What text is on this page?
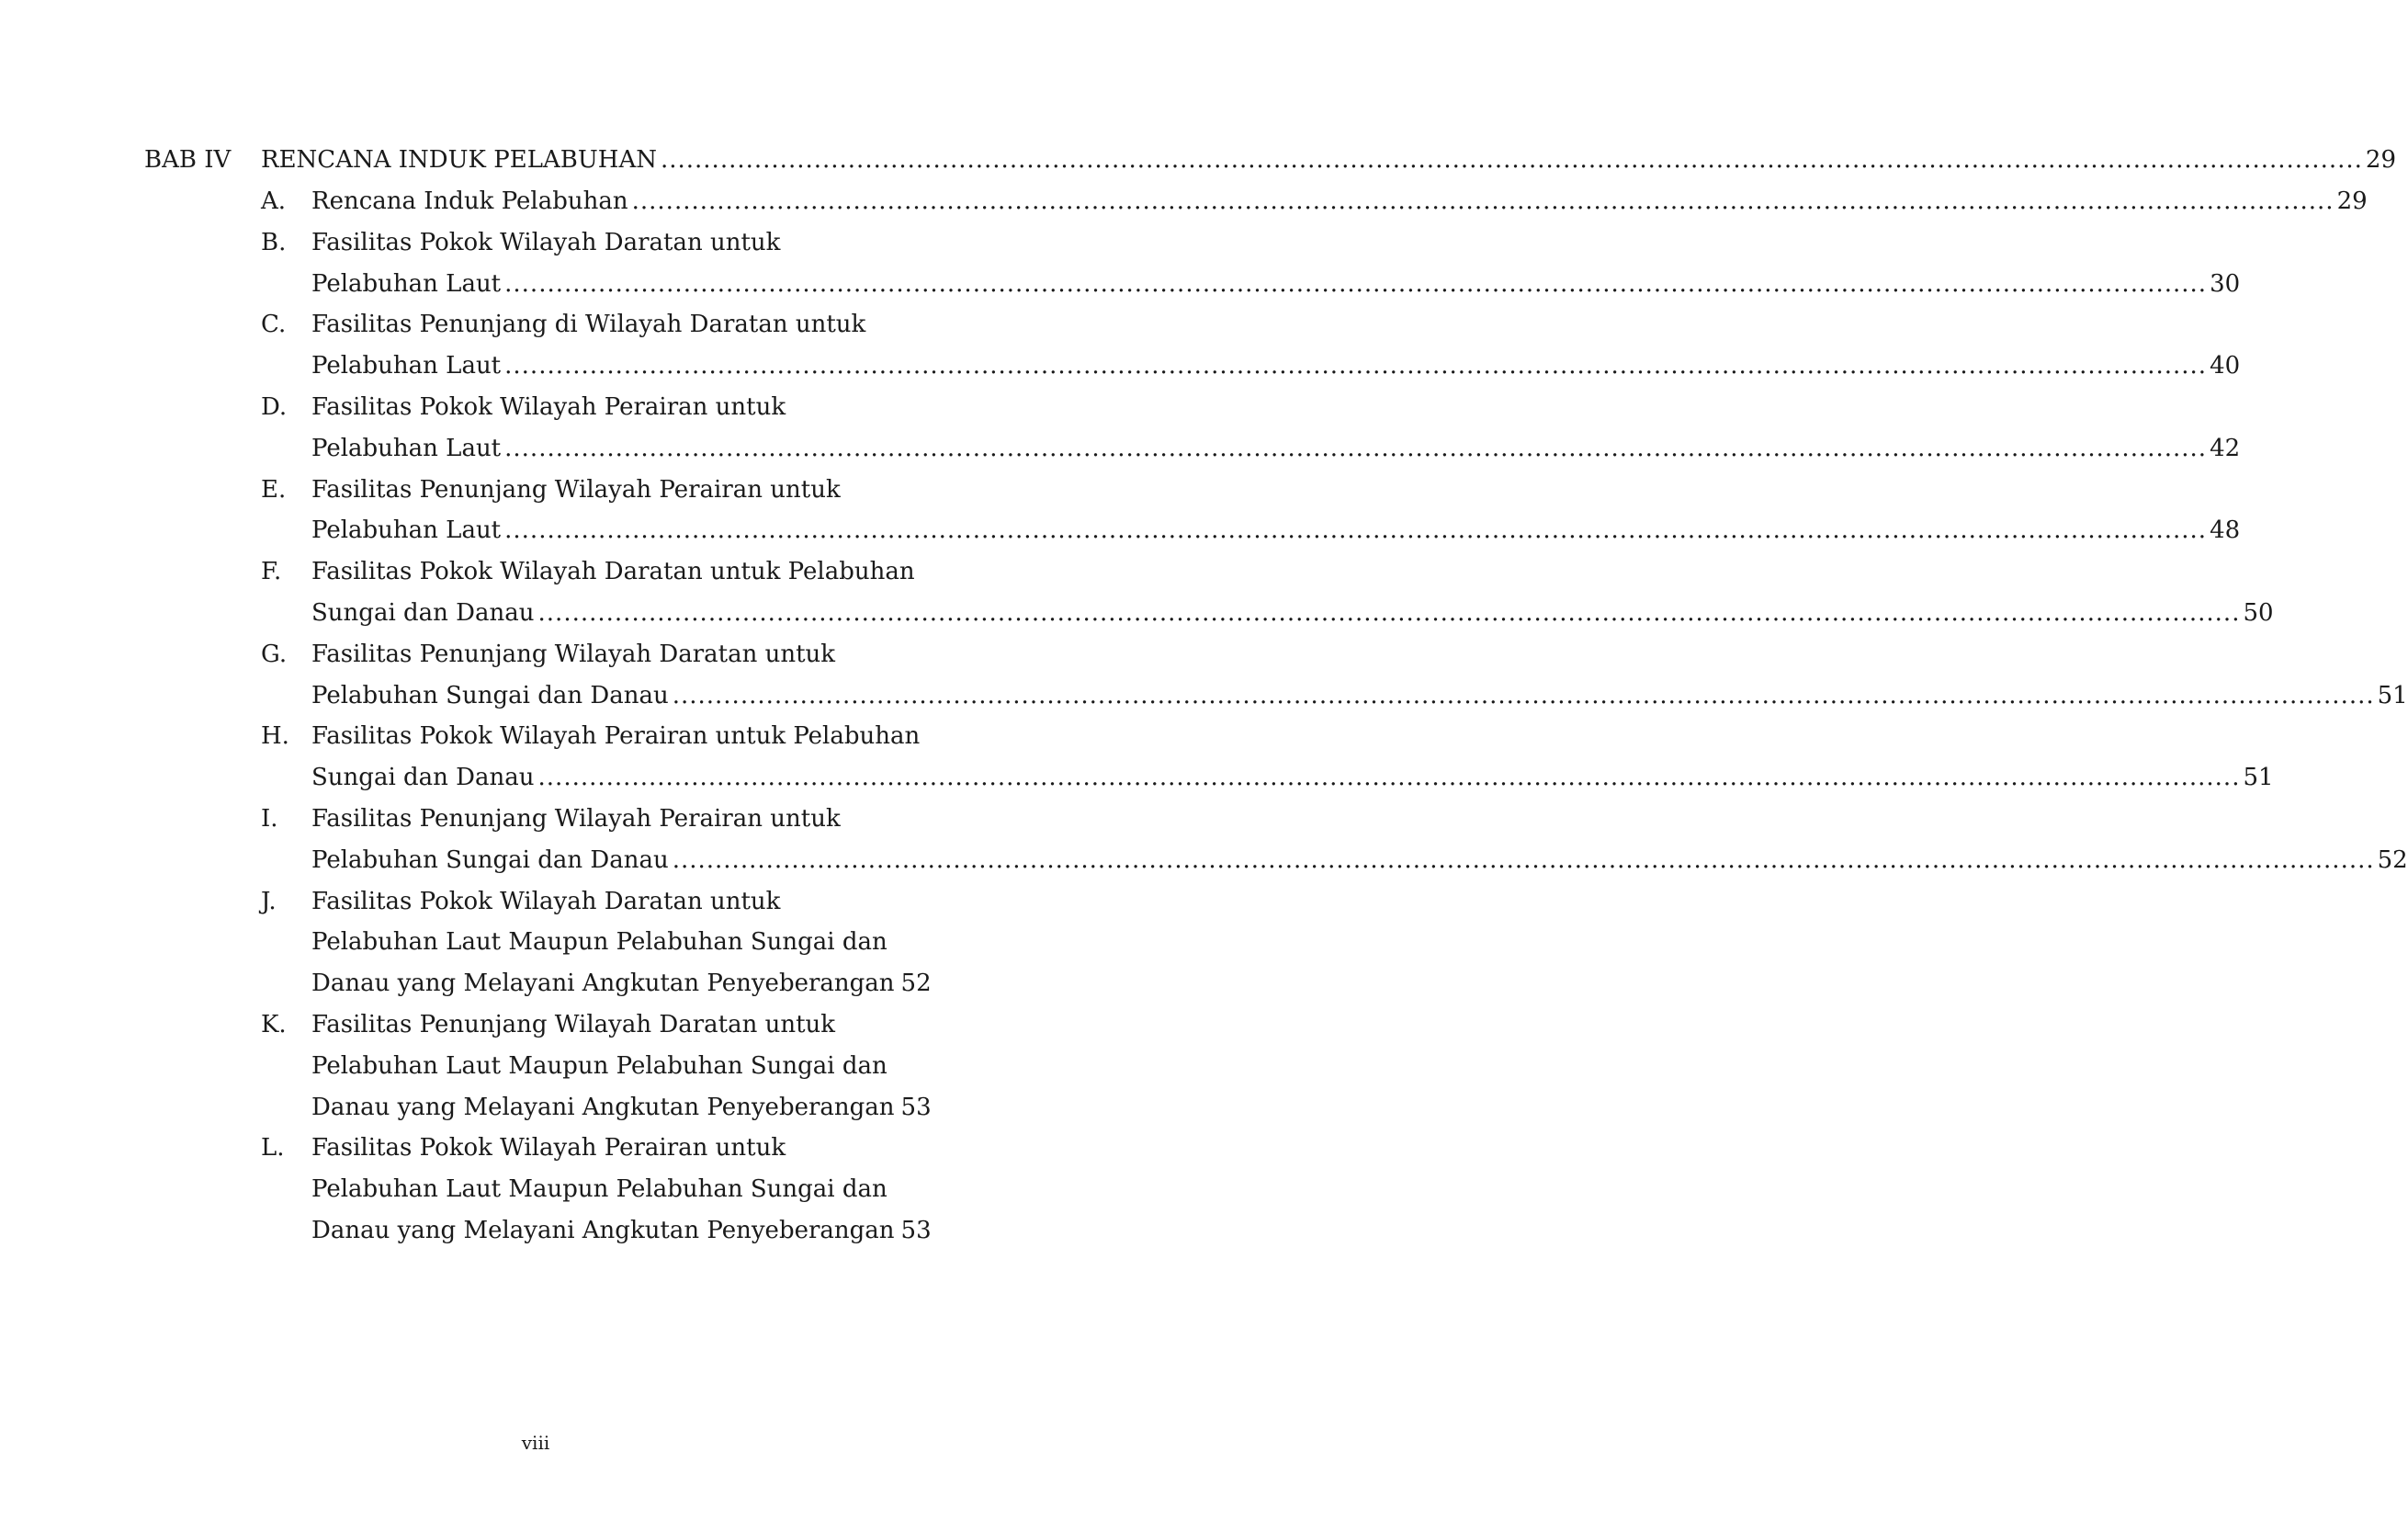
BAB IV RENCANA INDUK PELABUHAN ........................................................................................................................................................................................................ 29
A.	Rencana Induk Pelabuhan ........................................................................................................................................................................................................ 29
B.	Fasilitas Pokok Wilayah Daratan untuk
Pelabuhan Laut ........................................................................................................................................................................................................ 30
C.	Fasilitas Penunjang di Wilayah Daratan untuk
Pelabuhan Laut ........................................................................................................................................................................................................ 40
D.	Fasilitas Pokok Wilayah Perairan untuk
Pelabuhan Laut ........................................................................................................................................................................................................ 42
E.	Fasilitas Penunjang Wilayah Perairan untuk
Pelabuhan Laut ........................................................................................................................................................................................................ 48
F.	Fasilitas Pokok Wilayah Daratan untuk Pelabuhan
Sungai dan Danau ........................................................................................................................................................................................................ 50
G.	Fasilitas Penunjang Wilayah Daratan untuk
Pelabuhan Sungai dan Danau ........................................................................................................................................................................................................ 51
H. Fasilitas Pokok Wilayah Perairan untuk Pelabuhan
Sungai dan Danau ........................................................................................................................................................................................................ 51
I.	Fasilitas Penunjang Wilayah Perairan untuk
Pelabuhan Sungai dan Danau ........................................................................................................................................................................................................ 52
J.	Fasilitas Pokok Wilayah Daratan untuk
Pelabuhan Laut Maupun Pelabuhan Sungai dan
Danau yang Melayani Angkutan Penyeberangan 52
K.	Fasilitas Penunjang Wilayah Daratan untuk
Pelabuhan Laut Maupun Pelabuhan Sungai dan
Danau yang Melayani Angkutan Penyeberangan 53
L.	Fasilitas Pokok Wilayah Perairan untuk
Pelabuhan Laut Maupun Pelabuhan Sungai dan
Danau yang Melayani Angkutan Penyeberangan 53
viii
